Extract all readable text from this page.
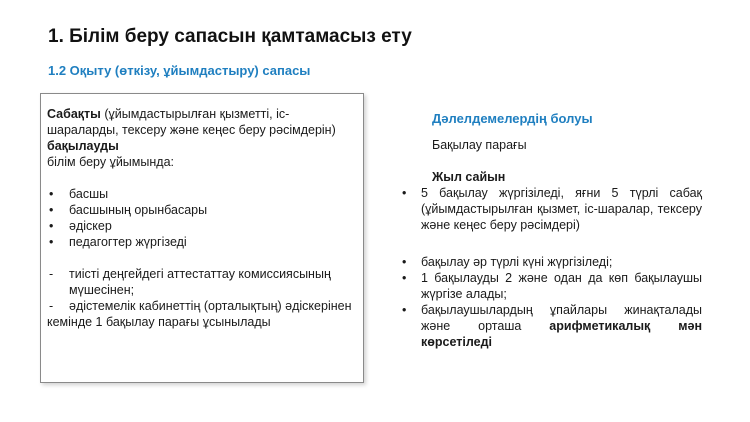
1. Білім беру сапасын қамтамасыз ету
1.2 Оқыту (өткізу, ұйымдастыру) сапасы
Сабақты (ұйымдастырылған қызметті, іс-шараларды, тексеру және кеңес беру рәсімдерін) бақылауды
білім беру ұйымында:
• басшы
• басшының орынбасары
• әдіскер
• педагогтер жүргізеді
- тиісті деңгейдегі аттестаттау комиссиясының мүшесінен;
- әдістемелік кабинеттің (орталықтың) әдіскерінен
кемінде 1 бақылау парағы ұсынылады
Дәлелдемелердің болуы
Бақылау парағы
Жыл сайын
• 5 бақылау жүргізіледі, яғни 5 түрлі сабақ (ұйымдастырылған қызмет, іс-шаралар, тексеру және кеңес беру рәсімдері)
• бақылау әр түрлі күні жүргізіледі;
• 1 бақылауды 2 және одан да көп бақылаушы жүргізе алады;
• бақылаушылардың ұпайлары жинақталады және орташа арифметикалық мән көрсетіледі
